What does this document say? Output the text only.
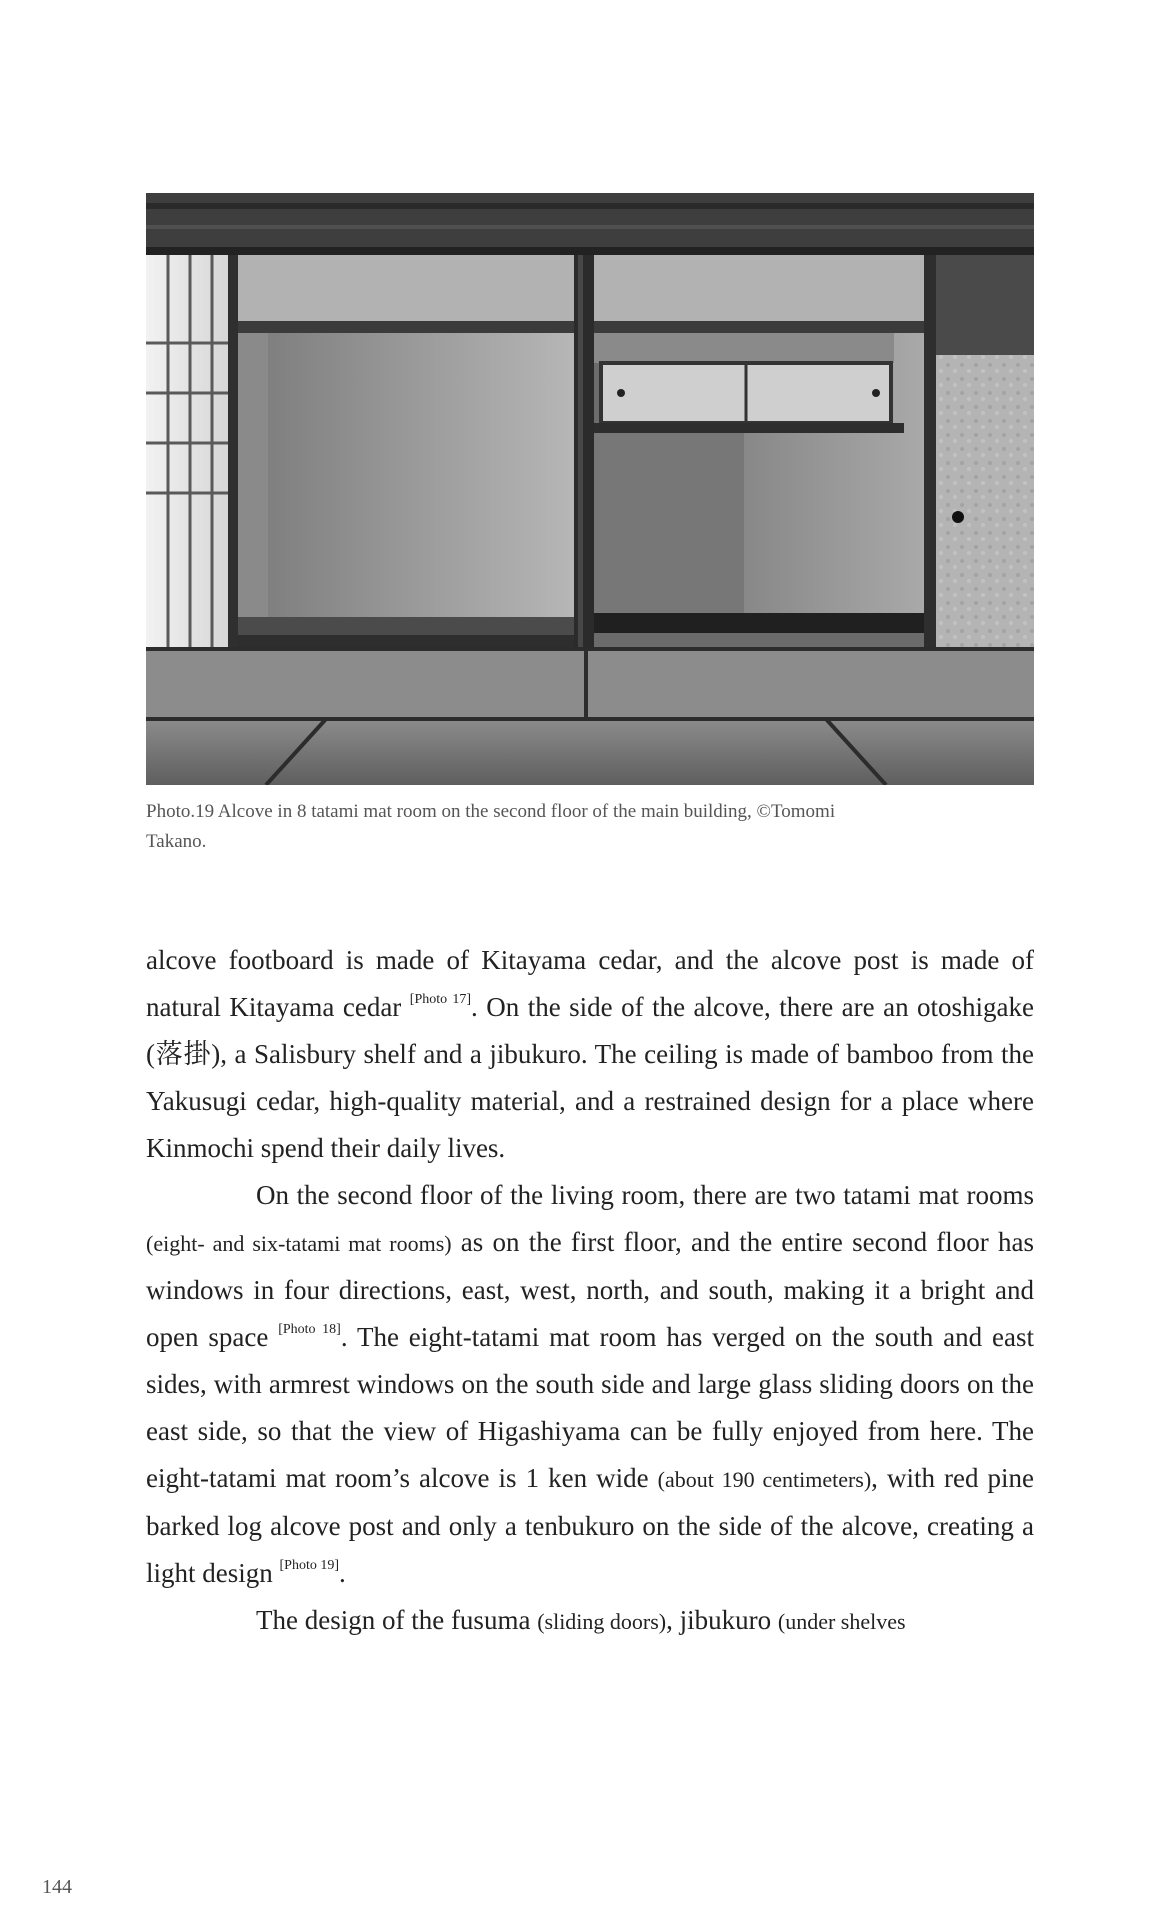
Photo.19 Alcove in 8 tatami mat room on the second floor of the main building, ©Tomomi
Takano.

alcove footboard is made of Kitayama cedar, and the alcove post is made of natural Kitayama cedar [Photo 17]. On the side of the alcove, there are an otoshigake (落掛), a Salisbury shelf and a jibukuro. The ceiling is made of bamboo from the Yakusugi cedar, high-quality material, and a restrained design for a place where Kinmochi spend their daily lives.

On the second floor of the living room, there are two tatami mat rooms (eight- and six-tatami mat rooms) as on the first floor, and the entire second floor has windows in four directions, east, west, north, and south, making it a bright and open space [Photo 18]. The eight-tatami mat room has verged on the south and east sides, with armrest windows on the south side and large glass sliding doors on the east side, so that the view of Higashiyama can be fully enjoyed from here. The eight-tatami mat room’s alcove is 1 ken wide (about 190 centimeters), with red pine barked log alcove post and only a tenbukuro on the side of the alcove, creating a light design [Photo 19].

The design of the fusuma (sliding doors), jibukuro (under shelves

144
